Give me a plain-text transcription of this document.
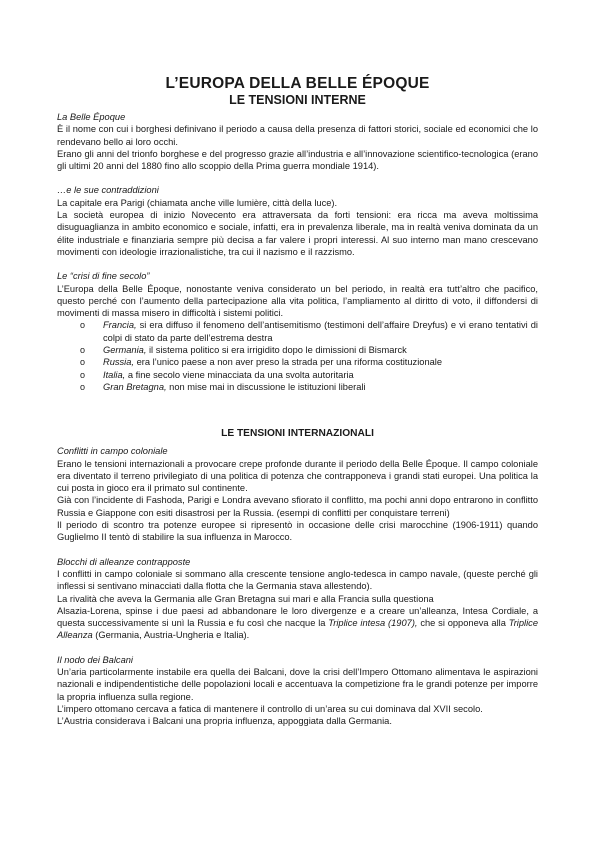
L’EUROPA DELLA BELLE ÉPOQUE
LE TENSIONI INTERNE
La Belle Époque

È il nome con cui i borghesi definivano il periodo a causa della presenza di fattori storici, sociale ed economici che lo rendevano bello ai loro occhi.

Erano gli anni del trionfo borghese e del progresso grazie all’industria e all’innovazione scientifico-tecnologica (erano gli ultimi 20 anni del 1880 fino allo scoppio della Prima guerra mondiale 1914).

…e le sue contraddizioni

La capitale era Parigi (chiamata anche ville lumière, città della luce).

La società europea di inizio Novecento era attraversata da forti tensioni: era ricca ma aveva moltissima disuguaglianza in ambito economico e sociale, infatti, era in prevalenza liberale, ma in realtà veniva dominata da un élite industriale e finanziaria sempre più decisa a far valere i propri interessi. Al suo interno man mano crescevano movimenti con ideologie irrazionalistiche, tra cui il nazismo e il razzismo.

Le “crisi di fine secolo”

L’Europa della Belle Époque, nonostante veniva considerato un bel periodo, in realtà era tutt’altro che pacifico, questo perché con l’aumento della partecipazione alla vita politica, l’ampliamento al diritto di voto, il diffondersi di movimenti di massa misero in difficoltà i sistemi politici.

o Francia, si era diffuso il fenomeno dell’antisemitismo (testimoni dell’affaire Dreyfus) e vi erano tentativi di colpi di stato da parte dell’estrema destra
o Germania, il sistema politico si era irrigidito dopo le dimissioni di Bismarck
o Russia, era l’unico paese a non aver preso la strada per una riforma costituzionale
o Italia, a fine secolo viene minacciata da una svolta autoritaria
o Gran Bretagna, non mise mai in discussione le istituzioni liberali
LE TENSIONI INTERNAZIONALI
Conflitti in campo coloniale

Erano le tensioni internazionali a provocare crepe profonde durante il periodo della Belle Époque. Il campo coloniale era diventato il terreno privilegiato di una politica di potenza che contrapponeva i grandi stati europei. Una politica la cui posta in gioco era il primato sul continente.

Già con l’incidente di Fashoda, Parigi e Londra avevano sfiorato il conflitto, ma pochi anni dopo entrarono in conflitto Russia e Giappone con esiti disastrosi per la Russia. (esempi di conflitti per conquistare terreni)

Il periodo di scontro tra potenze europee si ripresentò in occasione delle crisi marocchine (1906-1911) quando Guglielmo II tentò di stabilire la sua influenza in Marocco.

Blocchi di alleanze contrapposte

I conflitti in campo coloniale si sommano alla crescente tensione anglo-tedesca in campo navale, (queste perché gli inflessi si sentivano minacciati dalla flotta che la Germania stava allestendo).

La rivalità che aveva la Germania alle Gran Bretagna sui mari e alla Francia sulla questiona

Alsazia-Lorena, spinse i due paesi ad abbandonare le loro divergenze e a creare un’alleanza, Intesa Cordiale, a questa successivamente si unì la Russia e fu così che nacque la Triplice intesa (1907), che si opponeva alla Triplice Alleanza (Germania, Austria-Ungheria e Italia).

Il nodo dei Balcani

Un’aria particolarmente instabile era quella dei Balcani, dove la crisi dell’Impero Ottomano alimentava le aspirazioni nazionali e indipendentistiche delle popolazioni locali e accentuava la competizione fra le grandi potenze per imporre la propria influenza sulla regione.

L’impero ottomano cercava a fatica di mantenere il controllo di un’area su cui dominava dal XVII secolo.

L’Austria considerava i Balcani una propria influenza, appoggiata dalla Germania.
